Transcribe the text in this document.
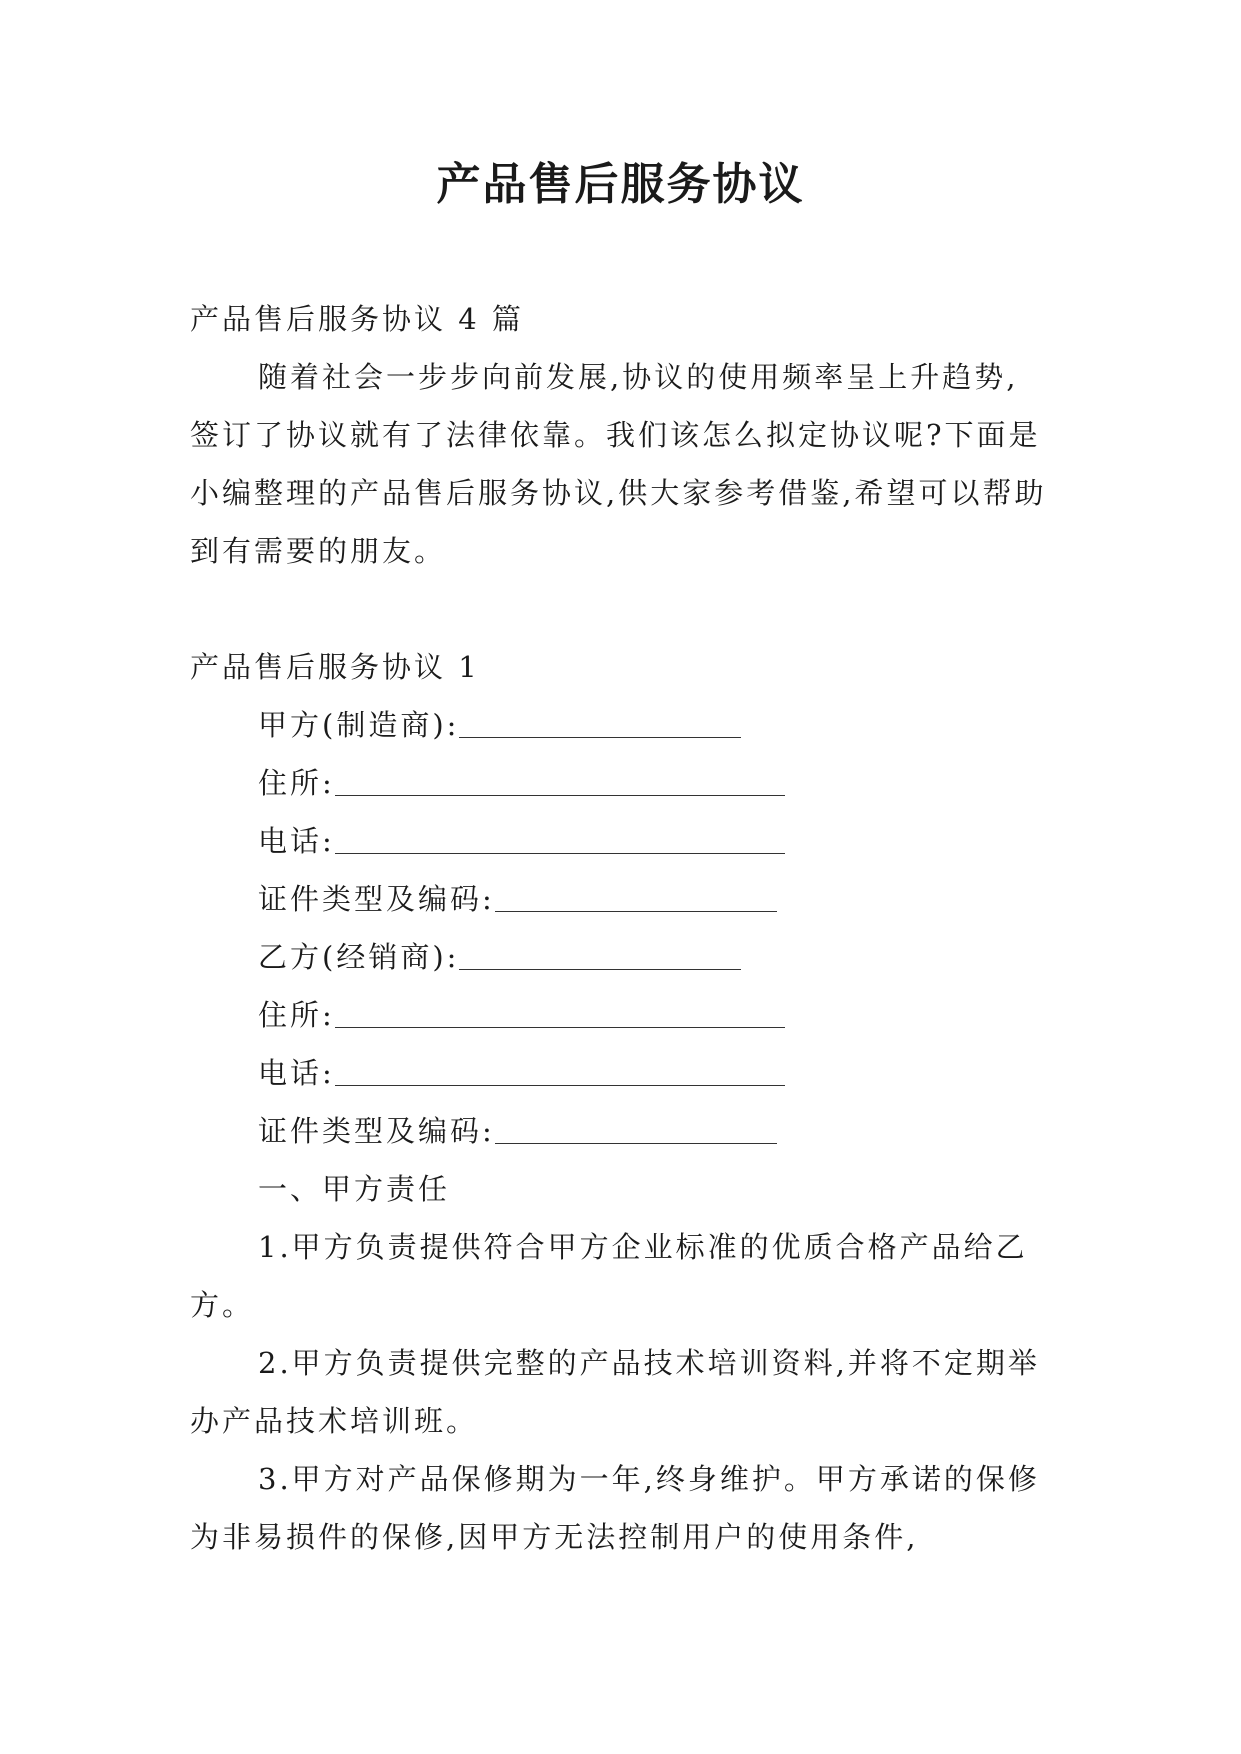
产品售后服务协议

产品售后服务协议 4 篇

随着社会一步步向前发展,协议的使用频率呈上升趋势,签订了协议就有了法律依靠。我们该怎么拟定协议呢?下面是小编整理的产品售后服务协议,供大家参考借鉴,希望可以帮助到有需要的朋友。

产品售后服务协议 1

甲方(制造商):

住所:

电话:

证件类型及编码:

乙方(经销商):

住所:

电话:

证件类型及编码:

一、甲方责任

1.甲方负责提供符合甲方企业标准的优质合格产品给乙方。

2.甲方负责提供完整的产品技术培训资料,并将不定期举办产品技术培训班。

3.甲方对产品保修期为一年,终身维护。甲方承诺的保修为非易损件的保修,因甲方无法控制用户的使用条件,
